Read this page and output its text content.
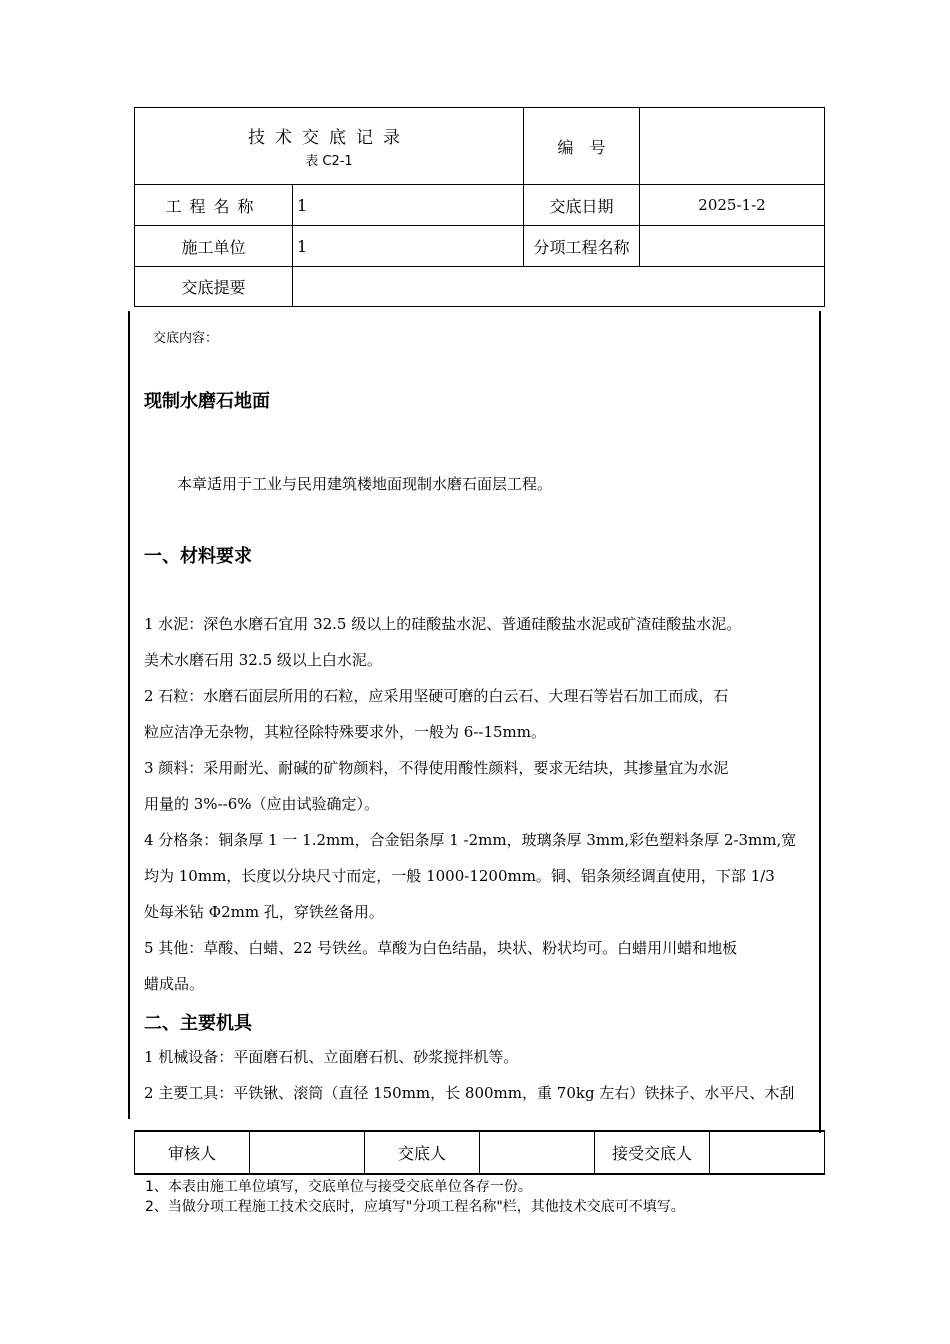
技术交底记录
表 C2-1		编　号	
工程名称	1	交底日期	2025-1-2
施工单位	1	分项工程名称	
交底提要			
交底内容：
现制水磨石地面
本章适用于工业与民用建筑楼地面现制水磨石面层工程。
一、材料要求

1 水泥：深色水磨石宜用 32.5 级以上的硅酸盐水泥、普通硅酸盐水泥或矿渣硅酸盐水泥。

美术水磨石用 32.5 级以上白水泥。

2 石粒：水磨石面层所用的石粒，应采用坚硬可磨的白云石、大理石等岩石加工而成，石

粒应洁净无杂物，其粒径除特殊要求外，一般为 6--15mm。

3 颜料：采用耐光、耐碱的矿物颜料，不得使用酸性颜料，要求无结块，其掺量宜为水泥

用量的 3%--6%（应由试验确定）。

4 分格条：铜条厚 1 一 1.2mm，合金铝条厚 1 -2mm，玻璃条厚 3mm,彩色塑料条厚 2-3mm,宽

均为 10mm，长度以分块尺寸而定，一般 1000-1200mm。铜、铝条须经调直使用，下部 1/3

处每米钻 Φ2mm 孔，穿铁丝备用。

5 其他：草酸、白蜡、22 号铁丝。草酸为白色结晶，块状、粉状均可。白蜡用川蜡和地板

蜡成品。

二、主要机具

1 机械设备：平面磨石机、立面磨石机、砂浆搅拌机等。

2 主要工具：平铁锹、滚筒（直径 150mm，长 800mm，重 70kg 左右）铁抹子、水平尺、木刮

审核人		交底人		接受交底人	
1、本表由施工单位填写，交底单位与接受交底单位各存一份。
2、当做分项工程施工技术交底时，应填写"分项工程名称"栏，其他技术交底可不填写。
